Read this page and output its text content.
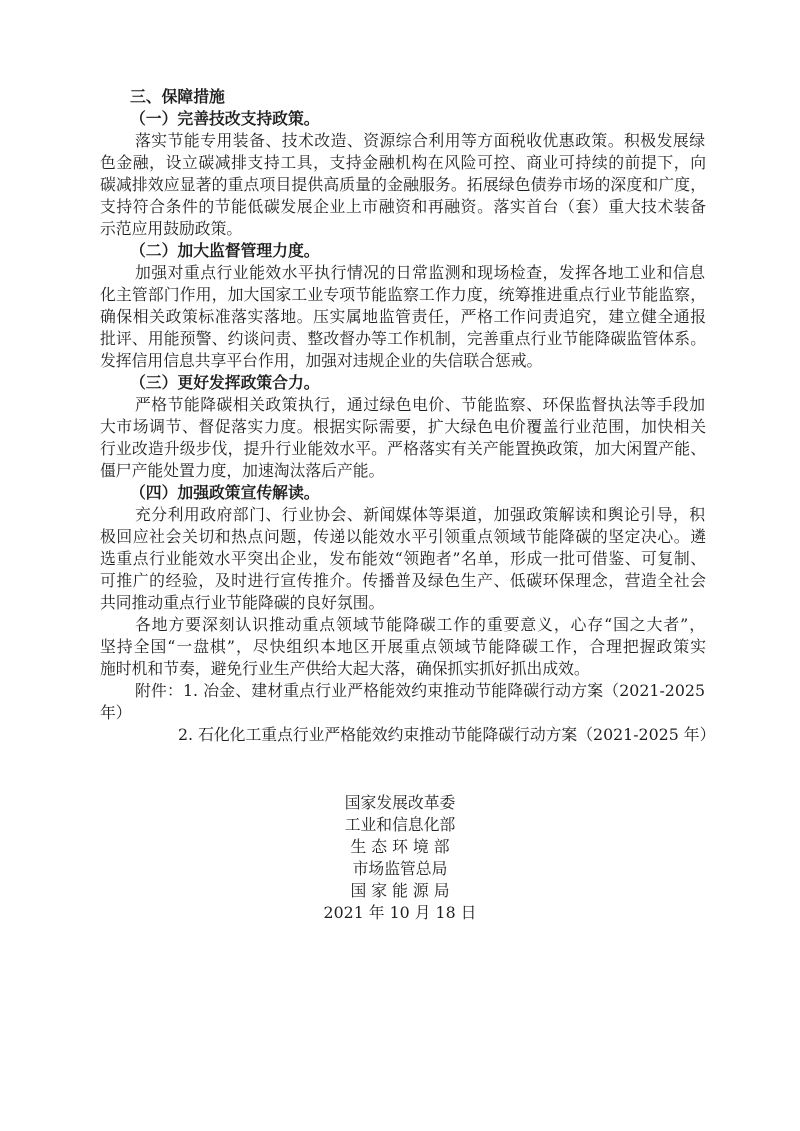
三、保障措施
（一）完善技改支持政策。
落实节能专用装备、技术改造、资源综合利用等方面税收优惠政策。积极发展绿
色金融，设立碳减排支持工具，支持金融机构在风险可控、商业可持续的前提下，向
碳减排效应显著的重点项目提供高质量的金融服务。拓展绿色债券市场的深度和广度，
支持符合条件的节能低碳发展企业上市融资和再融资。落实首台（套）重大技术装备
示范应用鼓励政策。
（二）加大监督管理力度。
加强对重点行业能效水平执行情况的日常监测和现场检查，发挥各地工业和信息
化主管部门作用，加大国家工业专项节能监察工作力度，统筹推进重点行业节能监察，
确保相关政策标准落实落地。压实属地监管责任，严格工作问责追究，建立健全通报
批评、用能预警、约谈问责、整改督办等工作机制，完善重点行业节能降碳监管体系。
发挥信用信息共享平台作用，加强对违规企业的失信联合惩戒。
（三）更好发挥政策合力。
严格节能降碳相关政策执行，通过绿色电价、节能监察、环保监督执法等手段加
大市场调节、督促落实力度。根据实际需要，扩大绿色电价覆盖行业范围，加快相关
行业改造升级步伐，提升行业能效水平。严格落实有关产能置换政策，加大闲置产能、
僵尸产能处置力度，加速淘汰落后产能。
（四）加强政策宣传解读。
充分利用政府部门、行业协会、新闻媒体等渠道，加强政策解读和舆论引导，积
极回应社会关切和热点问题，传递以能效水平引领重点领域节能降碳的坚定决心。遴
选重点行业能效水平突出企业，发布能效“领跑者”名单，形成一批可借鉴、可复制、
可推广的经验，及时进行宣传推介。传播普及绿色生产、低碳环保理念，营造全社会
共同推动重点行业节能降碳的良好氛围。
各地方要深刻认识推动重点领域节能降碳工作的重要意义，心存“国之大者”，
坚持全国“一盘棋”，尽快组织本地区开展重点领域节能降碳工作，合理把握政策实
施时机和节奏，避免行业生产供给大起大落，确保抓实抓好抓出成效。
附件：1. 冶金、建材重点行业严格能效约束推动节能降碳行动方案（2021-2025
年）
2. 石化化工重点行业严格能效约束推动节能降碳行动方案（2021-2025 年）
国家发展改革委
工业和信息化部
生 态 环 境 部
市场监管总局
国 家 能 源 局
2021 年 10 月 18 日
